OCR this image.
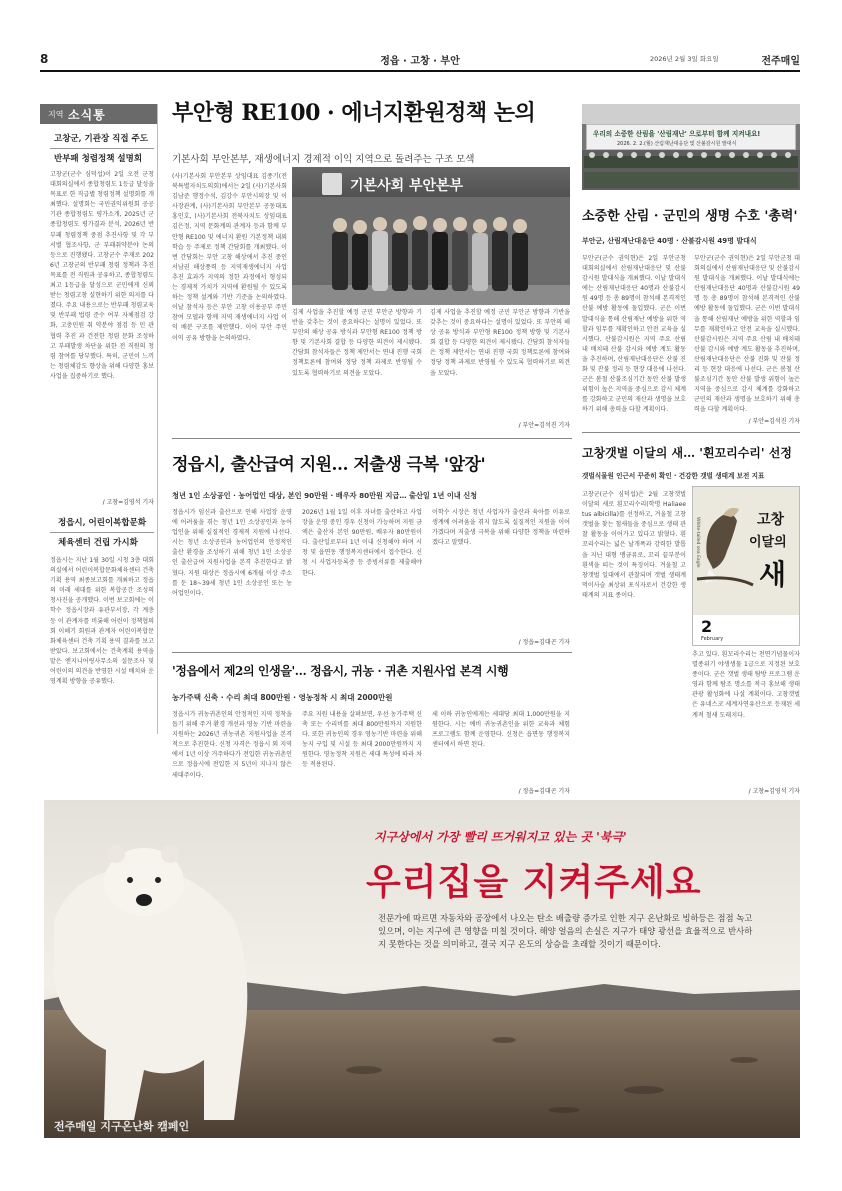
8	정읍 · 고창 · 부안	2026년 2월 3일 화요일	전주매일
지역 소식통
고창군, 기관장 직접 주도
반부패 청렴정책 설명회
고창군(군수 심덕섭)이 2일 오전 군청 대회의실에서 종합청렴도 1등급 달성을 목표로 한 직급별 청렴정책 설명회를 개최했다. 설명회는 국민권익위원회 공공기관 종합청렴도 평가소개, 2025년 군 종합청렴도 평가결과 분석, 2026년 반부패 청렴정책 중점 추진사항 및 각 부서별 협조사항, 군 부패취약분야 논의 등으로 진행됐다. 고창군수 주재로 2026년 고창군의 반부패 청렴 정책과 추진 목표를 전 직원과 공유하고, 종합청렴도 최고 1등급을 달성으로 군민에게 신뢰받는 청렴고창 실현하기 위한 의지를 다졌다. 주요 내용으로는 반부패 청렴교육 및 반부패 법령 준수 여부 자체점검 강화, 고충민원 취 약분야 점검 등 민 관 협력 추진 과 건전한 청렴 문화 조성하고 부패발생 차단을 위한 전 직원의 청렴 참여를 당부했다. 특히, 군민이 느끼는 청렴체감도 향상을 위해 다양한 홍보 사업을 집중하기로 했다.
/ 고창=김영석 기자
정읍시, 어린이복합문화
체육센터 건립 가시화
정읍시는 지난 1월 30일 시청 3층 대회의실에서 어린이복합문화체육센터 건축기획 용역 최종보고회를 개최하고 정읍의 미래 세대를 위한 복합공간 조성의 청사진을 공개했다. 이번 보고회에는 이학수 정읍시장과 유관부서장, 각 계층 등 이 관계자를 비롯해 어린이 정책협의회 이해기 회원과 관계자 어린이복합문화체육센터 건축 기획 용역 결과를 보고받았다. 보고회에서는 건축계획 용역을 맡은 엔지니어링사무소의 설문조사 및 어린이의 의견을 반영한 시설 배치와 운영계획 방향을 공유했다.
부안형 RE100 · 에너지환원정책 논의
기본사회 부안본부, 재생에너지 경제적 이익 지역으로 돌려주는 구조 모색
(사)기본사회 부안본부 상임대표 김종기(전북특별자치도의회)에서는 2일 (사)기본사회 김남준 행정수석, 김강수 부안시의장 및 이사장관계, (사)기본사회 부안본부 공동대표 홍인호, (사)기본사회 전북자치도 상임대표 김은정, 지역 문화계의 관계자 등과 함께 부안형 RE100 및 에너지 환원 기본정책 내외학습 등 주제로 정책 간담회를 개최했다. 이번 간담회는 부안 고창 해상에서 추진 중인 서남권 해상풍력 등 지역재생에너지 사업 추진 효과가 지역의 정한 과정에서 형성되는 경제적 가치가 지역에 환원될 수 있도록 하는 정책 설계와 기반 기준을 논의하였다. 이날 참석자 등은 부안 고창 이용공부 주민참여 모델과 함께 지역 재생에너지 사업 이익 배분 구조를 제안했다. 이어 부안 주민 이익 공유 방향을 논의하였다.
기본사회 부안본부
김제 사업을 추진할 예정 군민 부안군 방향과 기반을 갖추는 것이 중요하다는 설명이 있었다. 또 부안의 해상 공유 방식과 부안형 RE100 정책 방향 및 기본사회 결합 등 다양한 의견이 제시됐다. 간담회 참석자들은 정책 제안서는 연내 진행 국회 정책토론에 참여와 정당 정책 과제로 반영될 수 있도록 협력하기로 의견을 모았다.
김제 사업을 추진할 예정 군민 부안군 방향과 기반을 갖추는 것이 중요하다는 설명이 있었다. 또 부안의 해상 공유 방식과 부안형 RE100 정책 방향 및 기본사회 결합 등 다양한 의견이 제시됐다. 간담회 참석자들은 정책 제안서는 연내 진행 국회 정책토론에 참여와 정당 정책 과제로 반영될 수 있도록 협력하기로 의견을 모았다.
/ 부안=김석진 기자
정읍시, 출산급여 지원… 저출생 극복 '앞장'
청년 1인 소상공인 · 농어업인 대상, 본인 90만원 · 배우자 80만원 지급… 출산일 1년 이내 신청
정읍시가 임신과 출산으로 인해 사업장 운영에 어려움을 겪는 청년 1인 소상공인과 농어업인을 위해 실질적인 경제적 지원에 나선다. 시는 청년 소상공인과 농어업인의 안정적인 출산 환경을 조성하기 위해 청년 1인 소상공인 출산급여 지원사업을 본격 추진한다고 밝혔다. 지원 대상은 정읍시에 6개월 이상 주소를 둔 18~39세 청년 1인 소상공인 또는 농어업인이다.
2026년 1월 1일 이후 자녀를 출산하고 사업장을 운영 중인 경우 신청이 가능하며 지원 금액은 출산자 본인 90만원, 배우자 80만원이다. 출산일로부터 1년 이내 신청해야 하며 시청 및 읍면동 행정복지센터에서 접수한다. 신청 시 사업자등록증 등 증빙서류를 제출해야 한다.
이학수 시장은 청년 사업자가 출산과 육아를 이유로 생계에 어려움을 겪지 않도록 실질적인 지원을 이어가겠다며 저출생 극복을 위해 다양한 정책을 마련하겠다고 말했다.
/ 정읍=김대곤 기자
'정읍에서 제2의 인생을'… 정읍시, 귀농 · 귀촌 지원사업 본격 시행
농가주택 신축 · 수리 최대 800만원 · 영농정착 시 최대 2000만원
정읍시가 귀농귀촌인의 안정적인 지역 정착을 돕기 위해 주거 환경 개선과 영농 기반 마련을 지원하는 2026년 귀농귀촌 지원사업을 본격적으로 추진한다. 신청 자격은 정읍시 외 지역에서 1년 이상 거주하다가 전입한 귀농귀촌인으로 정읍시에 전입한 지 5년이 지나지 않은 세대주이다.
주요 지원 내용을 살펴보면, 우선 농가주택 신축 또는 수리비를 최대 800만원까지 지원한다. 또한 귀농인의 경우 영농기반 마련을 위해 농지 구입 및 시설 등 최대 2000만원까지 지원한다. 영농정착 지원은 세대 특성에 따라 차등 적용된다.
세 이하 귀농인에게는 세대당 최대 1,000만원을 지원한다. 시는 예비 귀농귀촌인을 위한 교육과 체험 프로그램도 함께 운영한다. 신청은 읍면동 행정복지센터에서 하면 된다.
/ 정읍=김대곤 기자
우리의 소중한 산림을 '산림재난' 으로부터 함께 지켜내요!
2026. 2. 2.(월) 산림재난대응단 및 산불감시원 발대식
소중한 산림 · 군민의 생명 수호 '총력'
부안군, 산림재난대응단 40명 · 산불감시원 49명 발대식
부안군(군수 권익현)은 2일 부안군청 대회의실에서 산림재난대응단 및 산불감시원 발대식을 개최했다. 이날 발대식에는 산림재난대응단 40명과 산불감시원 49명 등 총 89명이 참석해 본격적인 산불 예방 활동에 돌입했다. 군은 이번 발대식을 통해 산림재난 예방을 위한 역할과 임무를 재확인하고 안전 교육을 실시했다. 산불감시원은 지역 주요 산림 내 배치돼 산불 감시와 예방 계도 활동을 추진하며, 산림재난대응단은 산불 진화 및 잔불 정리 등 현장 대응에 나선다. 군은 봄철 산불조심기간 동안 산불 발생 위험이 높은 지역을 중심으로 감시 체계를 강화하고 군민의 재산과 생명을 보호하기 위해 총력을 다할 계획이다.
부안군(군수 권익현)은 2일 부안군청 대회의실에서 산림재난대응단 및 산불감시원 발대식을 개최했다. 이날 발대식에는 산림재난대응단 40명과 산불감시원 49명 등 총 89명이 참석해 본격적인 산불 예방 활동에 돌입했다. 군은 이번 발대식을 통해 산림재난 예방을 위한 역할과 임무를 재확인하고 안전 교육을 실시했다. 산불감시원은 지역 주요 산림 내 배치돼 산불 감시와 예방 계도 활동을 추진하며, 산림재난대응단은 산불 진화 및 잔불 정리 등 현장 대응에 나선다. 군은 봄철 산불조심기간 동안 산불 발생 위험이 높은 지역을 중심으로 감시 체계를 강화하고 군민의 재산과 생명을 보호하기 위해 총력을 다할 계획이다.
/ 부안=김석진 기자
고창갯벌 이달의 새… '흰꼬리수리' 선정
갯벌식물원 인근서 꾸준히 확인 · 건강한 갯벌 생태계 보전 지표
고창군(군수 심덕섭)은 2월 고창갯벌 이달의 새로 흰꼬리수리(학명 Haliaeetus albicilla)를 선정하고, 겨울철 고창갯벌을 찾는 철새들을 중심으로 생태 관찰 활동을 이어가고 있다고 밝혔다. 흰꼬리수리는 넓은 날개폭과 강력한 발톱을 지닌 대형 맹금류로, 꼬리 끝부분이 흰색을 띠는 것이 특징이다. 겨울철 고창갯벌 일대에서 관찰되며 갯벌 생태계 먹이사슬 최상위 포식자로서 건강한 생태계의 지표 종이다.
고창
이달의
새
White-tailed sea Eagle
2
February
추고 있다. 흰꼬리수리는 천연기념물이자 멸종위기 야생생물 1급으로 지정된 보호종이다. 군은 갯벌 생태 탐방 프로그램 운영과 함께 탐조 명소를 적극 홍보해 생태관광 활성화에 나설 계획이다. 고창갯벌은 유네스코 세계자연유산으로 등재된 세계적 철새 도래지다.
/ 고창=김영석 기자
지구상에서 가장 빨리 뜨거워지고 있는 곳 '북극'
우리집을 지켜주세요
전문가에 따르면 자동차와 공장에서 나오는 탄소 배출량 증가로 인한 지구 온난화로 빙하등은 점점 녹고 있으며, 이는 지구에 큰 영향을 미칠 것이다. 해양 얼음의 손실은 지구가 태양 광선을 효율적으로 반사하지 못한다는 것을 의미하고, 결국 지구 온도의 상승을 초래할 것이기 때문이다.
전주매일 지구온난화 캠페인
